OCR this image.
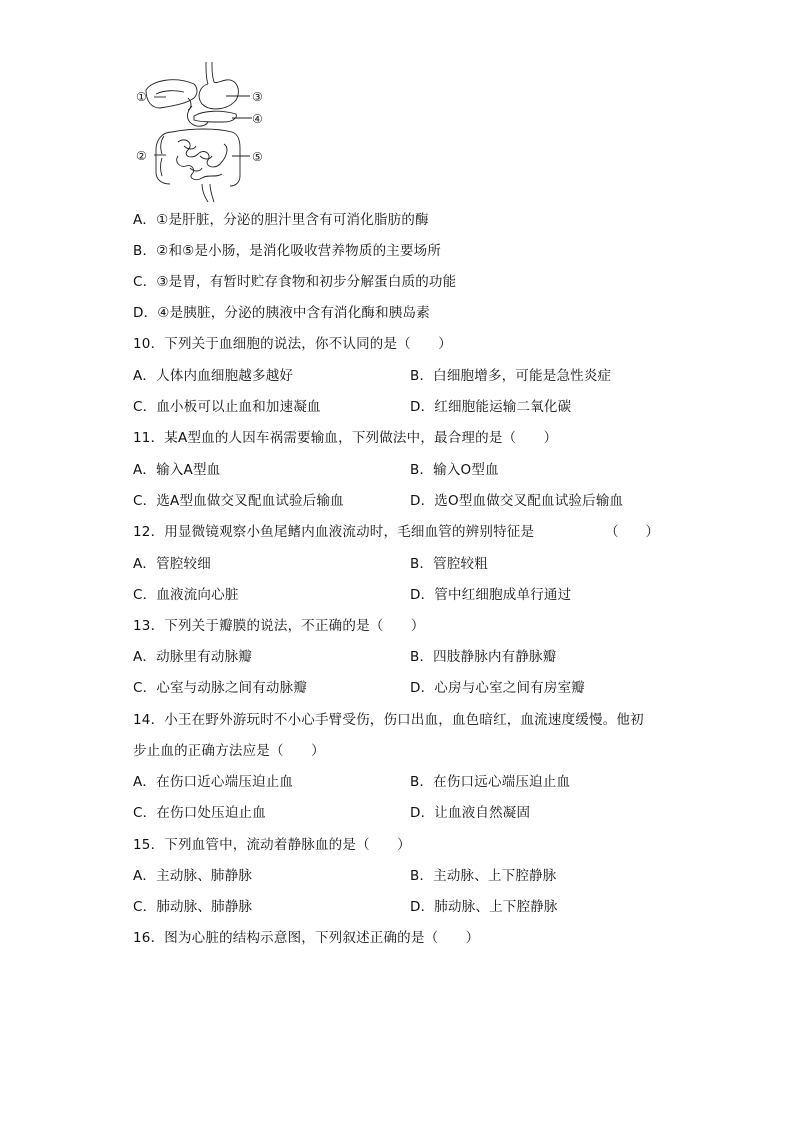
①	③
④
②	⑤
A．①是肝脏，分泌的胆汁里含有可消化脂肪的酶
B．②和⑤是小肠，是消化吸收营养物质的主要场所
C．③是胃，有暂时贮存食物和初步分解蛋白质的功能
D．④是胰脏，分泌的胰液中含有消化酶和胰岛素
10．下列关于血细胞的说法，你不认同的是（　　）
A．人体内血细胞越多越好	B．白细胞增多，可能是急性炎症
C．血小板可以止血和加速凝血	D．红细胞能运输二氧化碳
11．某A型血的人因车祸需要输血，下列做法中，最合理的是（　　）
A．输入A型血	B．输入O型血
C．选A型血做交叉配血试验后输血	D．选O型血做交叉配血试验后输血
12．用显微镜观察小鱼尾鳍内血液流动时，毛细血管的辨别特征是	（　　）
A．管腔较细	B．管腔较粗
C．血液流向心脏	D．管中红细胞成单行通过
13．下列关于瓣膜的说法，不正确的是（　　）
A．动脉里有动脉瓣	B．四肢静脉内有静脉瓣
C．心室与动脉之间有动脉瓣	D．心房与心室之间有房室瓣
14．小王在野外游玩时不小心手臂受伤，伤口出血，血色暗红，血流速度缓慢。他初
步止血的正确方法应是（　　）
A．在伤口近心端压迫止血	B．在伤口远心端压迫止血
C．在伤口处压迫止血	D．让血液自然凝固
15．下列血管中，流动着静脉血的是（　　）
A．主动脉、肺静脉	B．主动脉、上下腔静脉
C．肺动脉、肺静脉	D．肺动脉、上下腔静脉
16．图为心脏的结构示意图，下列叙述正确的是（　　）
